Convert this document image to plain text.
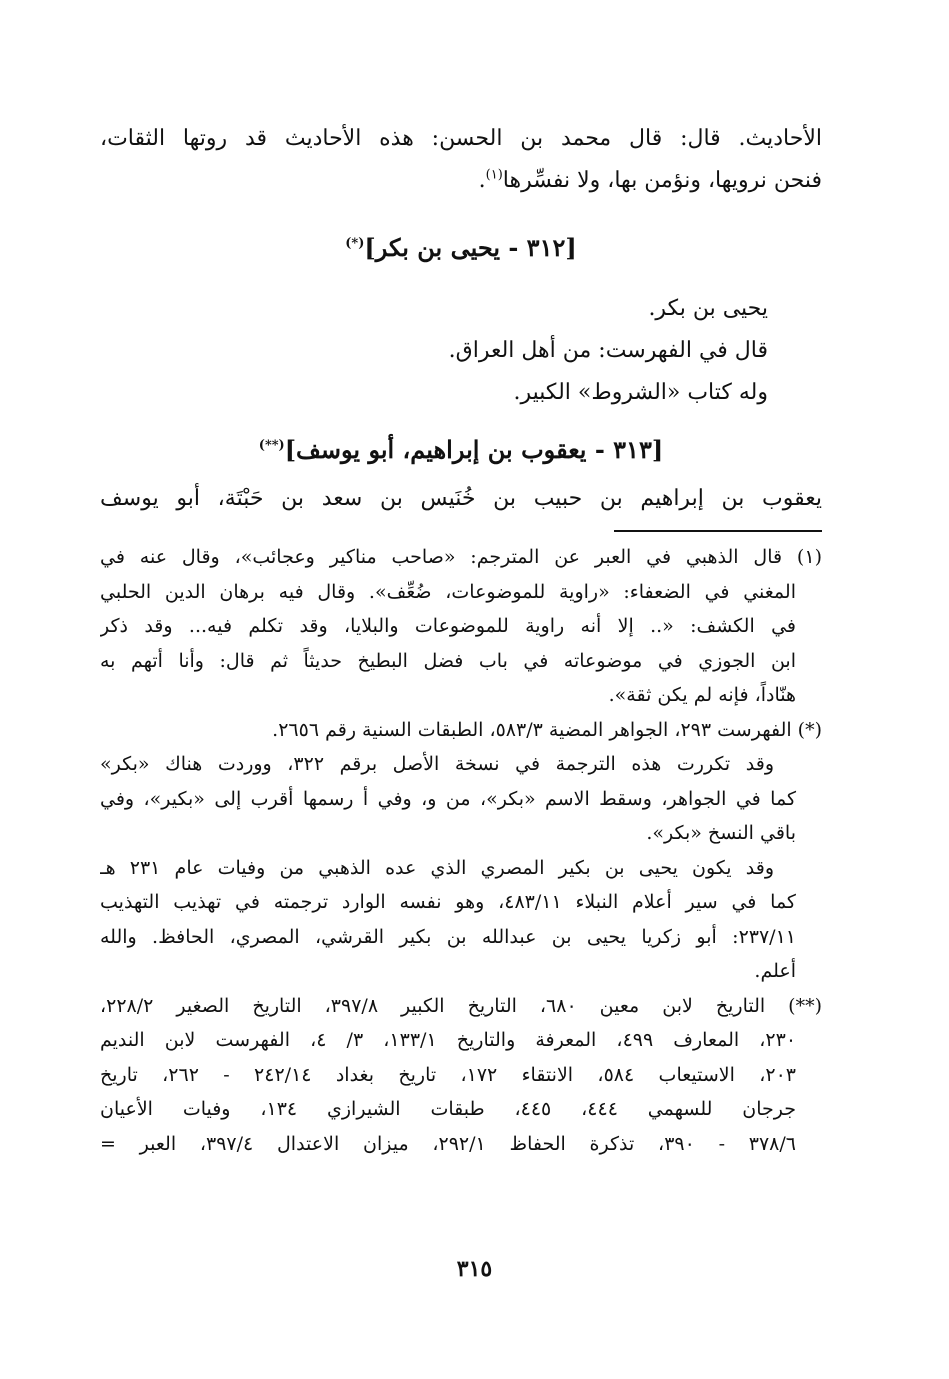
الأحاديث. قال: قال محمد بن الحسن: هذه الأحاديث قد روتها الثقات،
فنحن نرويها، ونؤمن بها، ولا نفسِّرها$^{(١)}$.
[٣١٢ - يحيى بن بكر](*)
يحيى بن بكر.
قال في الفهرست: من أهل العراق.
وله كتاب «الشروط» الكبير.
[٣١٣ - يعقوب بن إبراهيم، أبو يوسف](**)
يعقوب بن إبراهيم بن حبيب بن خُنَيس بن سعد بن حَبْتَة، أبو يوسف
(١) قال الذهبي في العبر عن المترجم: «صاحب مناكير وعجائب»، وقال عنه في
المغني في الضعفاء: «راوية للموضوعات، ضُعِّف». وقال فيه برهان الدين الحلبي
في الكشف: «.. إلا أنه راوية للموضوعات والبلايا، وقد تكلم فيه... وقد ذكر
ابن الجوزي في موضوعاته في باب فضل البطيخ حديثاً ثم قال: وأنا أتهم به
هنّاداً، فإنه لم يكن ثقة».
(*) الفهرست ٢٩٣، الجواهر المضية ٥٨٣/٣، الطبقات السنية رقم ٢٦٥٦.
وقد تكررت هذه الترجمة في نسخة الأصل برقم ٣٢٢، ووردت هناك «بكر»
كما في الجواهر، وسقط الاسم «بكر»، من و، وفي أ رسمها أقرب إلى «بكير»، وفي
باقي النسخ «بكر».
وقد يكون يحيى بن بكير المصري الذي عده الذهبي من وفيات عام ٢٣١ هـ
كما في سير أعلام النبلاء ٤٨٣/١١، وهو نفسه الوارد ترجمته في تهذيب التهذيب
٢٣٧/١١: أبو زكريا يحيى بن عبدالله بن بكير القرشي، المصري، الحافظ. والله
أعلم.
(**) التاريخ لابن معين ٦٨٠، التاريخ الكبير ٣٩٧/٨، التاريخ الصغير ٢٢٨/٢،
٢٣٠، المعارف ٤٩٩، المعرفة والتاريخ ١٣٣/١، ٣/ ٤، الفهرست لابن النديم
٢٠٣، الاستيعاب ٥٨٤، الانتقاء ١٧٢، تاريخ بغداد ٢٤٢/١٤ - ٢٦٢، تاريخ
جرجان للسهمي ٤٤٤، ٤٤٥، طبقات الشيرازي ١٣٤، وفيات الأعيان
٣٧٨/٦ - ٣٩٠، تذكرة الحفاظ ٢٩٢/١، ميزان الاعتدال ٣٩٧/٤، العبر =
٣١٥
